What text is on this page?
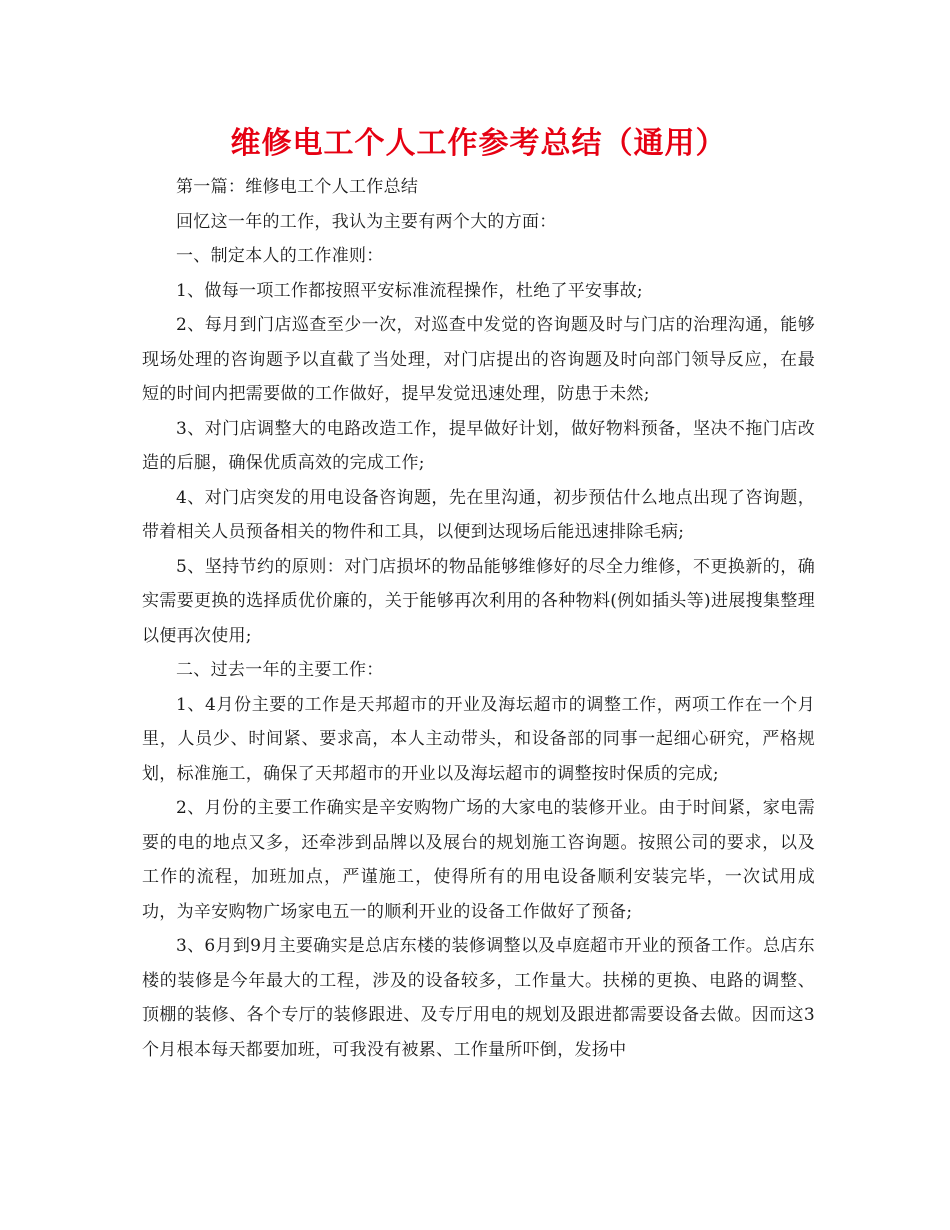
维修电工个人工作参考总结（通用）

第一篇：维修电工个人工作总结

回忆这一年的工作，我认为主要有两个大的方面：

一、制定本人的工作准则：

1、做每一项工作都按照平安标准流程操作，杜绝了平安事故;

2、每月到门店巡查至少一次，对巡查中发觉的咨询题及时与门店的治理沟通，能够现场处理的咨询题予以直截了当处理，对门店提出的咨询题及时向部门领导反应，在最短的时间内把需要做的工作做好，提早发觉迅速处理，防患于未然;

3、对门店调整大的电路改造工作，提早做好计划，做好物料预备，坚决不拖门店改造的后腿，确保优质高效的完成工作;

4、对门店突发的用电设备咨询题，先在里沟通，初步预估什么地点出现了咨询题，带着相关人员预备相关的物件和工具，以便到达现场后能迅速排除毛病;

5、坚持节约的原则：对门店损坏的物品能够维修好的尽全力维修，不更换新的，确实需要更换的选择质优价廉的，关于能够再次利用的各种物料(例如插头等)进展搜集整理以便再次使用;

二、过去一年的主要工作：

1、4月份主要的工作是天邦超市的开业及海坛超市的调整工作，两项工作在一个月里，人员少、时间紧、要求高，本人主动带头，和设备部的同事一起细心研究，严格规划，标准施工，确保了天邦超市的开业以及海坛超市的调整按时保质的完成;

2、月份的主要工作确实是辛安购物广场的大家电的装修开业。由于时间紧，家电需要的电的地点又多，还牵涉到品牌以及展台的规划施工咨询题。按照公司的要求，以及工作的流程，加班加点，严谨施工，使得所有的用电设备顺利安装完毕，一次试用成功，为辛安购物广场家电五一的顺利开业的设备工作做好了预备;

3、6月到9月主要确实是总店东楼的装修调整以及卓庭超市开业的预备工作。总店东楼的装修是今年最大的工程，涉及的设备较多，工作量大。扶梯的更换、电路的调整、顶棚的装修、各个专厅的装修跟进、及专厅用电的规划及跟进都需要设备去做。因而这3个月根本每天都要加班，可我没有被累、工作量所吓倒，发扬中
